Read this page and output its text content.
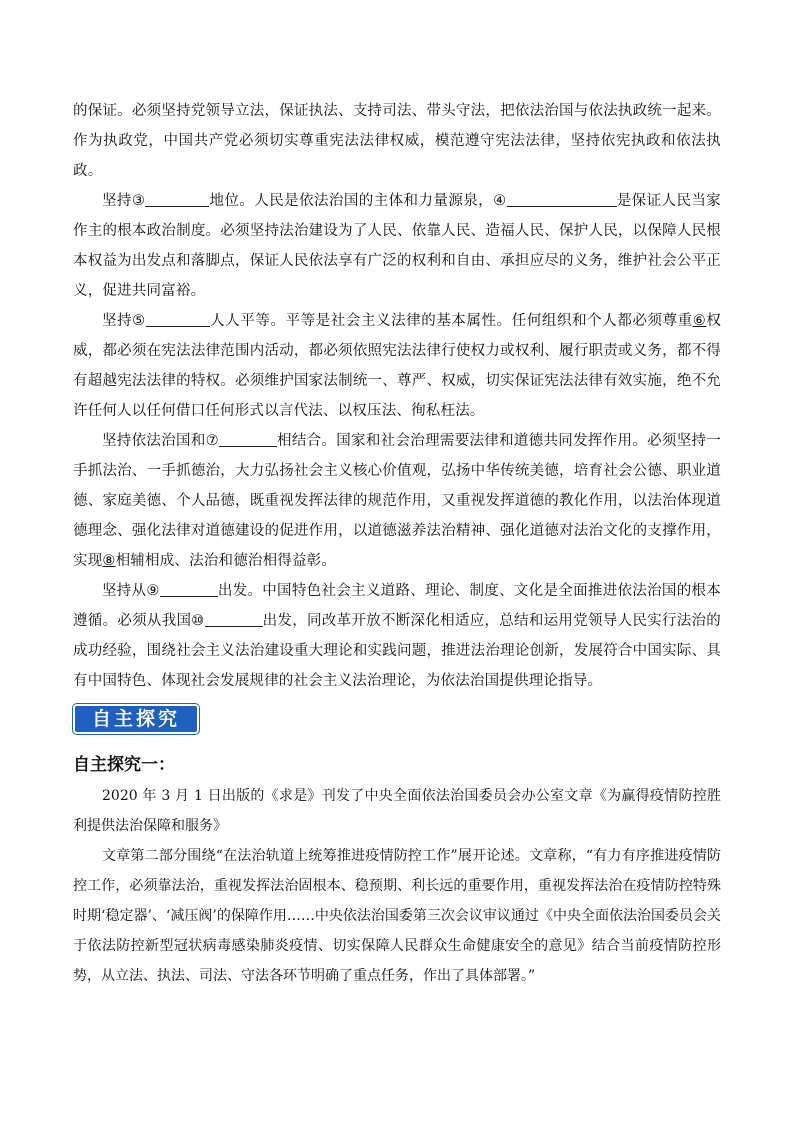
的保证。必须坚持党领导立法，保证执法、支持司法、带头守法，把依法治国与依法执政统一起来。作为执政党，中国共产党必须切实尊重宪法法律权威，模范遵守宪法法律，坚持依宪执政和依法执政。

坚持③	地位。人民是依法治国的主体和力量源泉，④	是保证人民当家作主的根本政治制度。必须坚持法治建设为了人民、依靠人民、造福人民、保护人民，以保障人民根本权益为出发点和落脚点，保证人民依法享有广泛的权利和自由、承担应尽的义务，维护社会公平正义，促进共同富裕。

坚持⑤	人人平等。平等是社会主义法律的基本属性。任何组织和个人都必须尊重⑥权威，都必须在宪法法律范围内活动，都必须依照宪法法律行使权力或权利、履行职责或义务，都不得有超越宪法法律的特权。必须维护国家法制统一、尊严、权威，切实保证宪法法律有效实施，绝不允许任何人以任何借口任何形式以言代法、以权压法、徇私枉法。

坚持依法治国和⑦	相结合。国家和社会治理需要法律和道德共同发挥作用。必须坚持一手抓法治、一手抓德治，大力弘扬社会主义核心价值观，弘扬中华传统美德，培育社会公德、职业道德、家庭美德、个人品德，既重视发挥法律的规范作用，又重视发挥道德的教化作用，以法治体现道德理念、强化法律对道德建设的促进作用，以道德滋养法治精神、强化道德对法治文化的支撑作用，实现⑧相辅相成、法治和德治相得益彰。

坚持从⑨	出发。中国特色社会主义道路、理论、制度、文化是全面推进依法治国的根本遵循。必须从我国⑩	出发，同改革开放不断深化相适应，总结和运用党领导人民实行法治的成功经验，围绕社会主义法治建设重大理论和实践问题，推进法治理论创新，发展符合中国实际、具有中国特色、体现社会发展规律的社会主义法治理论，为依法治国提供理论指导。

自主探究
自主探究一：

2020 年 3 月 1 日出版的《求是》刊发了中央全面依法治国委员会办公室文章《为赢得疫情防控胜利提供法治保障和服务》

文章第二部分围绕“在法治轨道上统筹推进疫情防控工作”展开论述。文章称，“有力有序推进疫情防控工作，必须靠法治，重视发挥法治固根本、稳预期、利长远的重要作用，重视发挥法治在疫情防控特殊时期‘稳定器’、‘减压阀’的保障作用……中央依法治国委第三次会议审议通过《中央全面依法治国委员会关于依法防控新型冠状病毒感染肺炎疫情、切实保障人民群众生命健康安全的意见》结合当前疫情防控形势，从立法、执法、司法、守法各环节明确了重点任务，作出了具体部署。”
